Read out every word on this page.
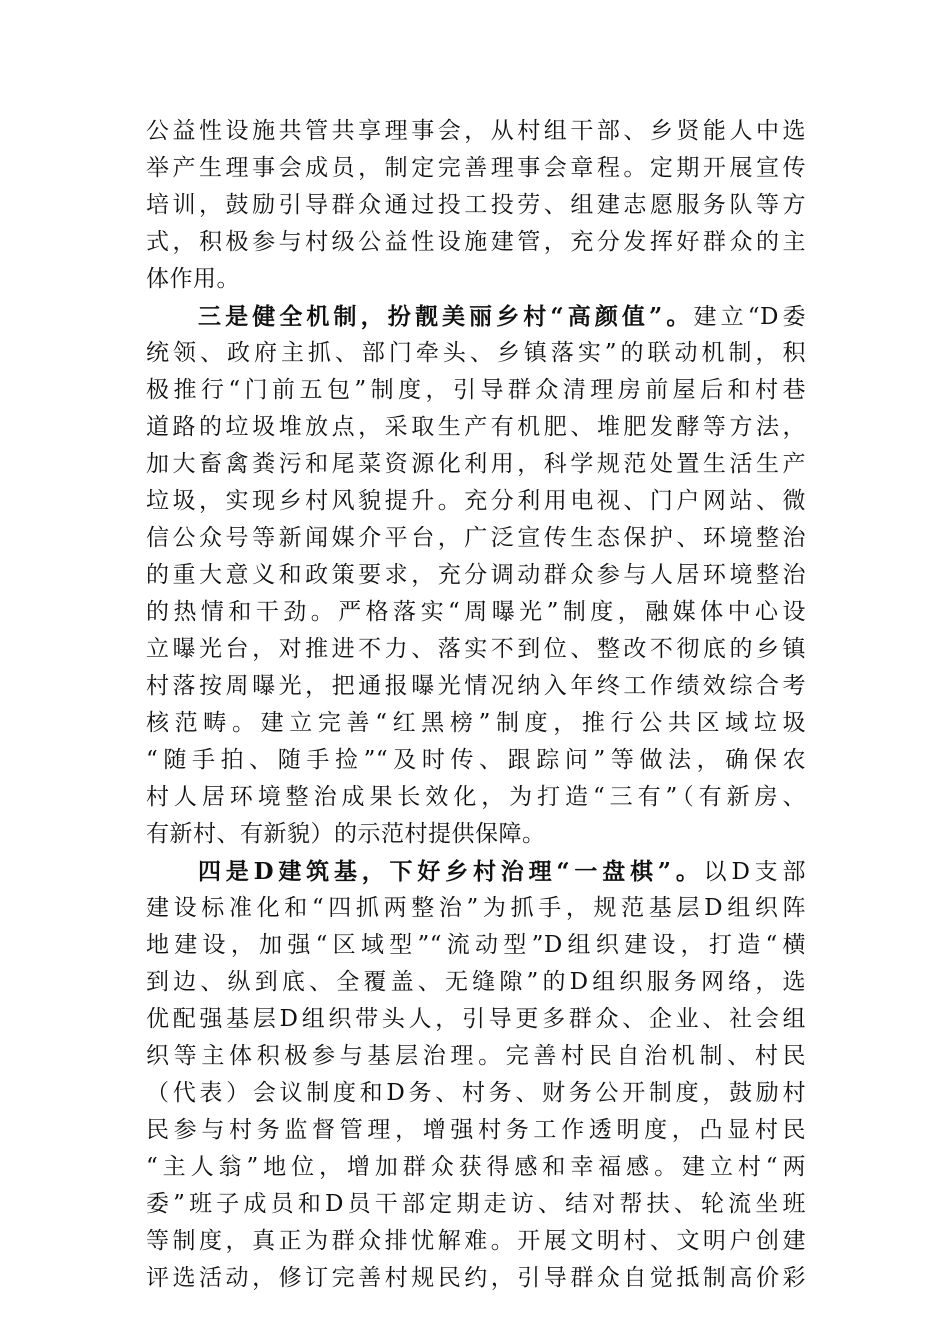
公益性设施共管共享理事会，从村组干部、乡贤能人中选
举产生理事会成员，制定完善理事会章程。定期开展宣传
培训，鼓励引导群众通过投工投劳、组建志愿服务队等方
式，积极参与村级公益性设施建管，充分发挥好群众的主
体作用。
三是健全机制，扮靓美丽乡村“高颜值”。建立“D委
统领、政府主抓、部门牵头、乡镇落实”的联动机制，积
极推行“门前五包”制度，引导群众清理房前屋后和村巷
道路的垃圾堆放点，采取生产有机肥、堆肥发酵等方法，
加大畜禽粪污和尾菜资源化利用，科学规范处置生活生产
垃圾，实现乡村风貌提升。充分利用电视、门户网站、微
信公众号等新闻媒介平台，广泛宣传生态保护、环境整治
的重大意义和政策要求，充分调动群众参与人居环境整治
的热情和干劲。严格落实“周曝光”制度，融媒体中心设
立曝光台，对推进不力、落实不到位、整改不彻底的乡镇
村落按周曝光，把通报曝光情况纳入年终工作绩效综合考
核范畴。建立完善“红黑榜”制度，推行公共区域垃圾
“随手拍、随手捡”“及时传、跟踪问”等做法，确保农
村人居环境整治成果长效化，为打造“三有”（有新房、
有新村、有新貌）的示范村提供保障。
四是D建筑基，下好乡村治理“一盘棋”。以D支部
建设标准化和“四抓两整治”为抓手，规范基层D组织阵
地建设，加强“区域型”“流动型”D组织建设，打造“横
到边、纵到底、全覆盖、无缝隙”的D组织服务网络，选
优配强基层D组织带头人，引导更多群众、企业、社会组
织等主体积极参与基层治理。完善村民自治机制、村民
（代表）会议制度和D务、村务、财务公开制度，鼓励村
民参与村务监督管理，增强村务工作透明度，凸显村民
“主人翁”地位，增加群众获得感和幸福感。建立村“两
委”班子成员和D员干部定期走访、结对帮扶、轮流坐班
等制度，真正为群众排忧解难。开展文明村、文明户创建
评选活动，修订完善村规民约，引导群众自觉抵制高价彩
